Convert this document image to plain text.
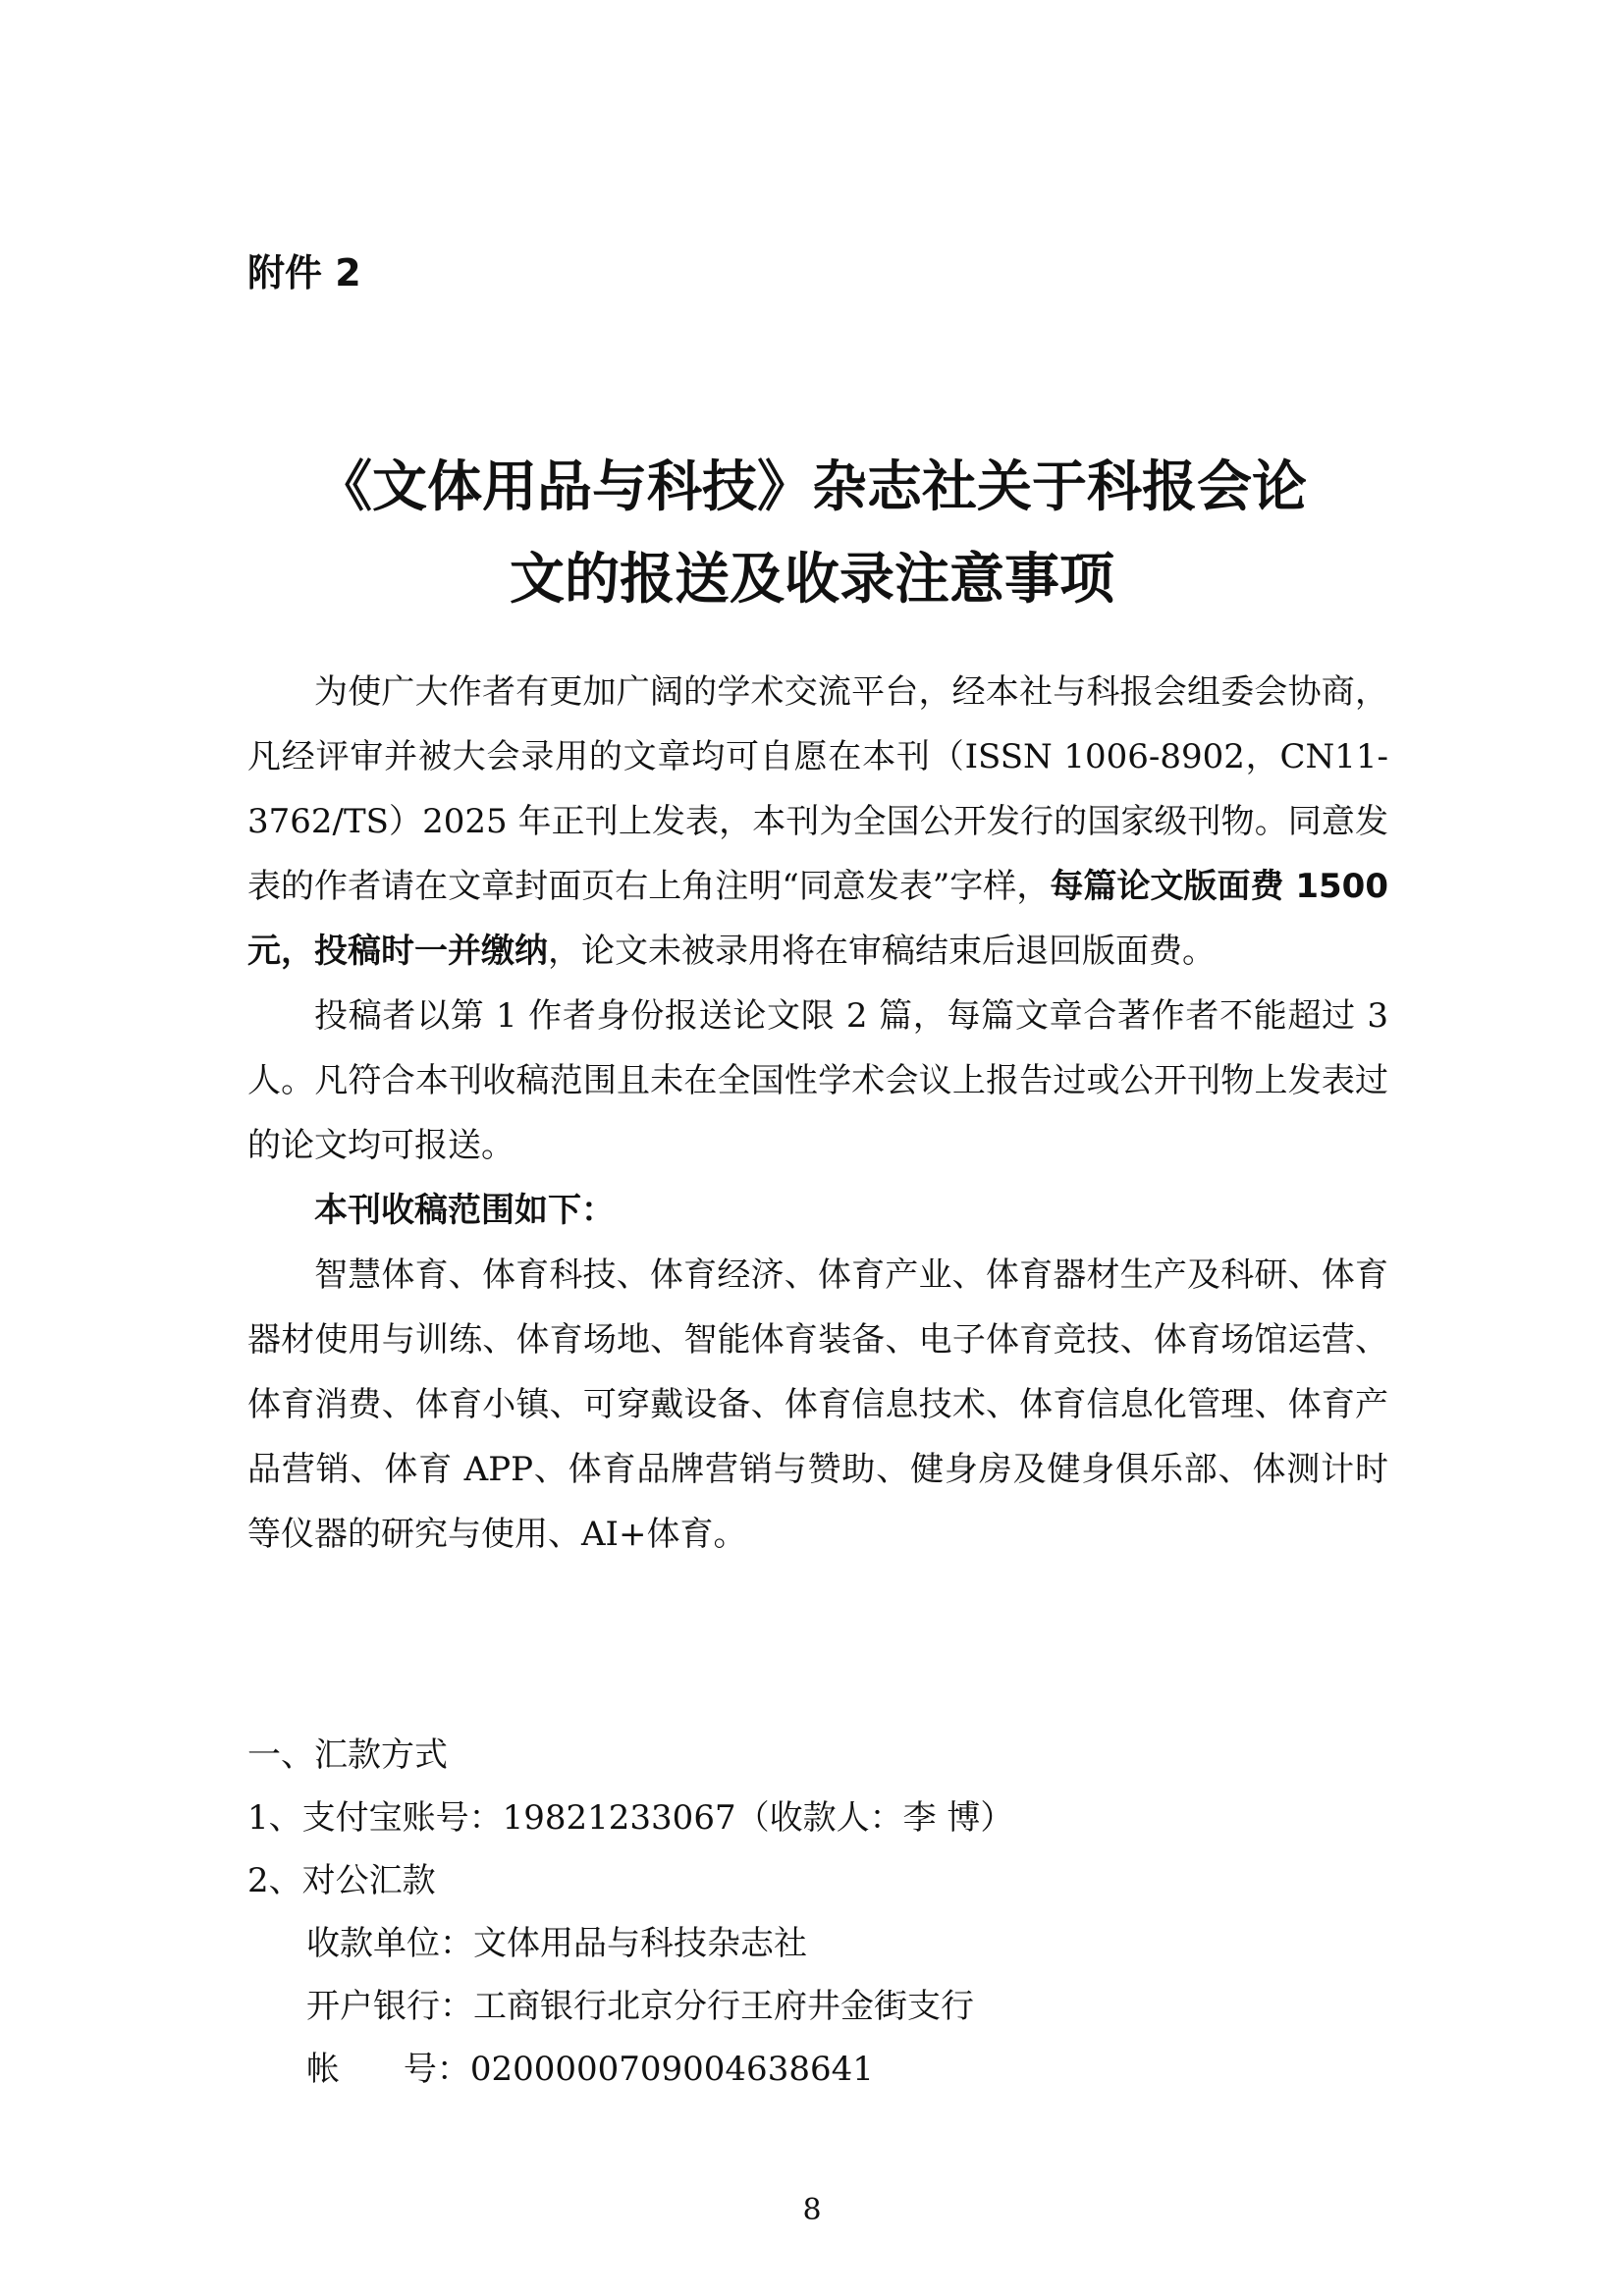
附件 2

《文体用品与科技》杂志社关于科报会论
文的报送及收录注意事项

为使广大作者有更加广阔的学术交流平台，经本社与科报会组委会协商，凡经评审并被大会录用的文章均可自愿在本刊（ISSN 1006-8902，CN11-3762/TS）2025 年正刊上发表，本刊为全国公开发行的国家级刊物。同意发表的作者请在文章封面页右上角注明“同意发表”字样，每篇论文版面费 1500 元，投稿时一并缴纳，论文未被录用将在审稿结束后退回版面费。

投稿者以第 1 作者身份报送论文限 2 篇，每篇文章合著作者不能超过 3 人。凡符合本刊收稿范围且未在全国性学术会议上报告过或公开刊物上发表过的论文均可报送。

本刊收稿范围如下：

智慧体育、体育科技、体育经济、体育产业、体育器材生产及科研、体育器材使用与训练、体育场地、智能体育装备、电子体育竞技、体育场馆运营、体育消费、体育小镇、可穿戴设备、体育信息技术、体育信息化管理、体育产品营销、体育 APP、体育品牌营销与赞助、健身房及健身俱乐部、体测计时等仪器的研究与使用、AI+体育。

一、汇款方式

1、支付宝账号：19821233067（收款人：李 博）

2、对公汇款

收款单位：文体用品与科技杂志社

开户银行：工商银行北京分行王府井金街支行

帐      号：0200000709004638641

8
